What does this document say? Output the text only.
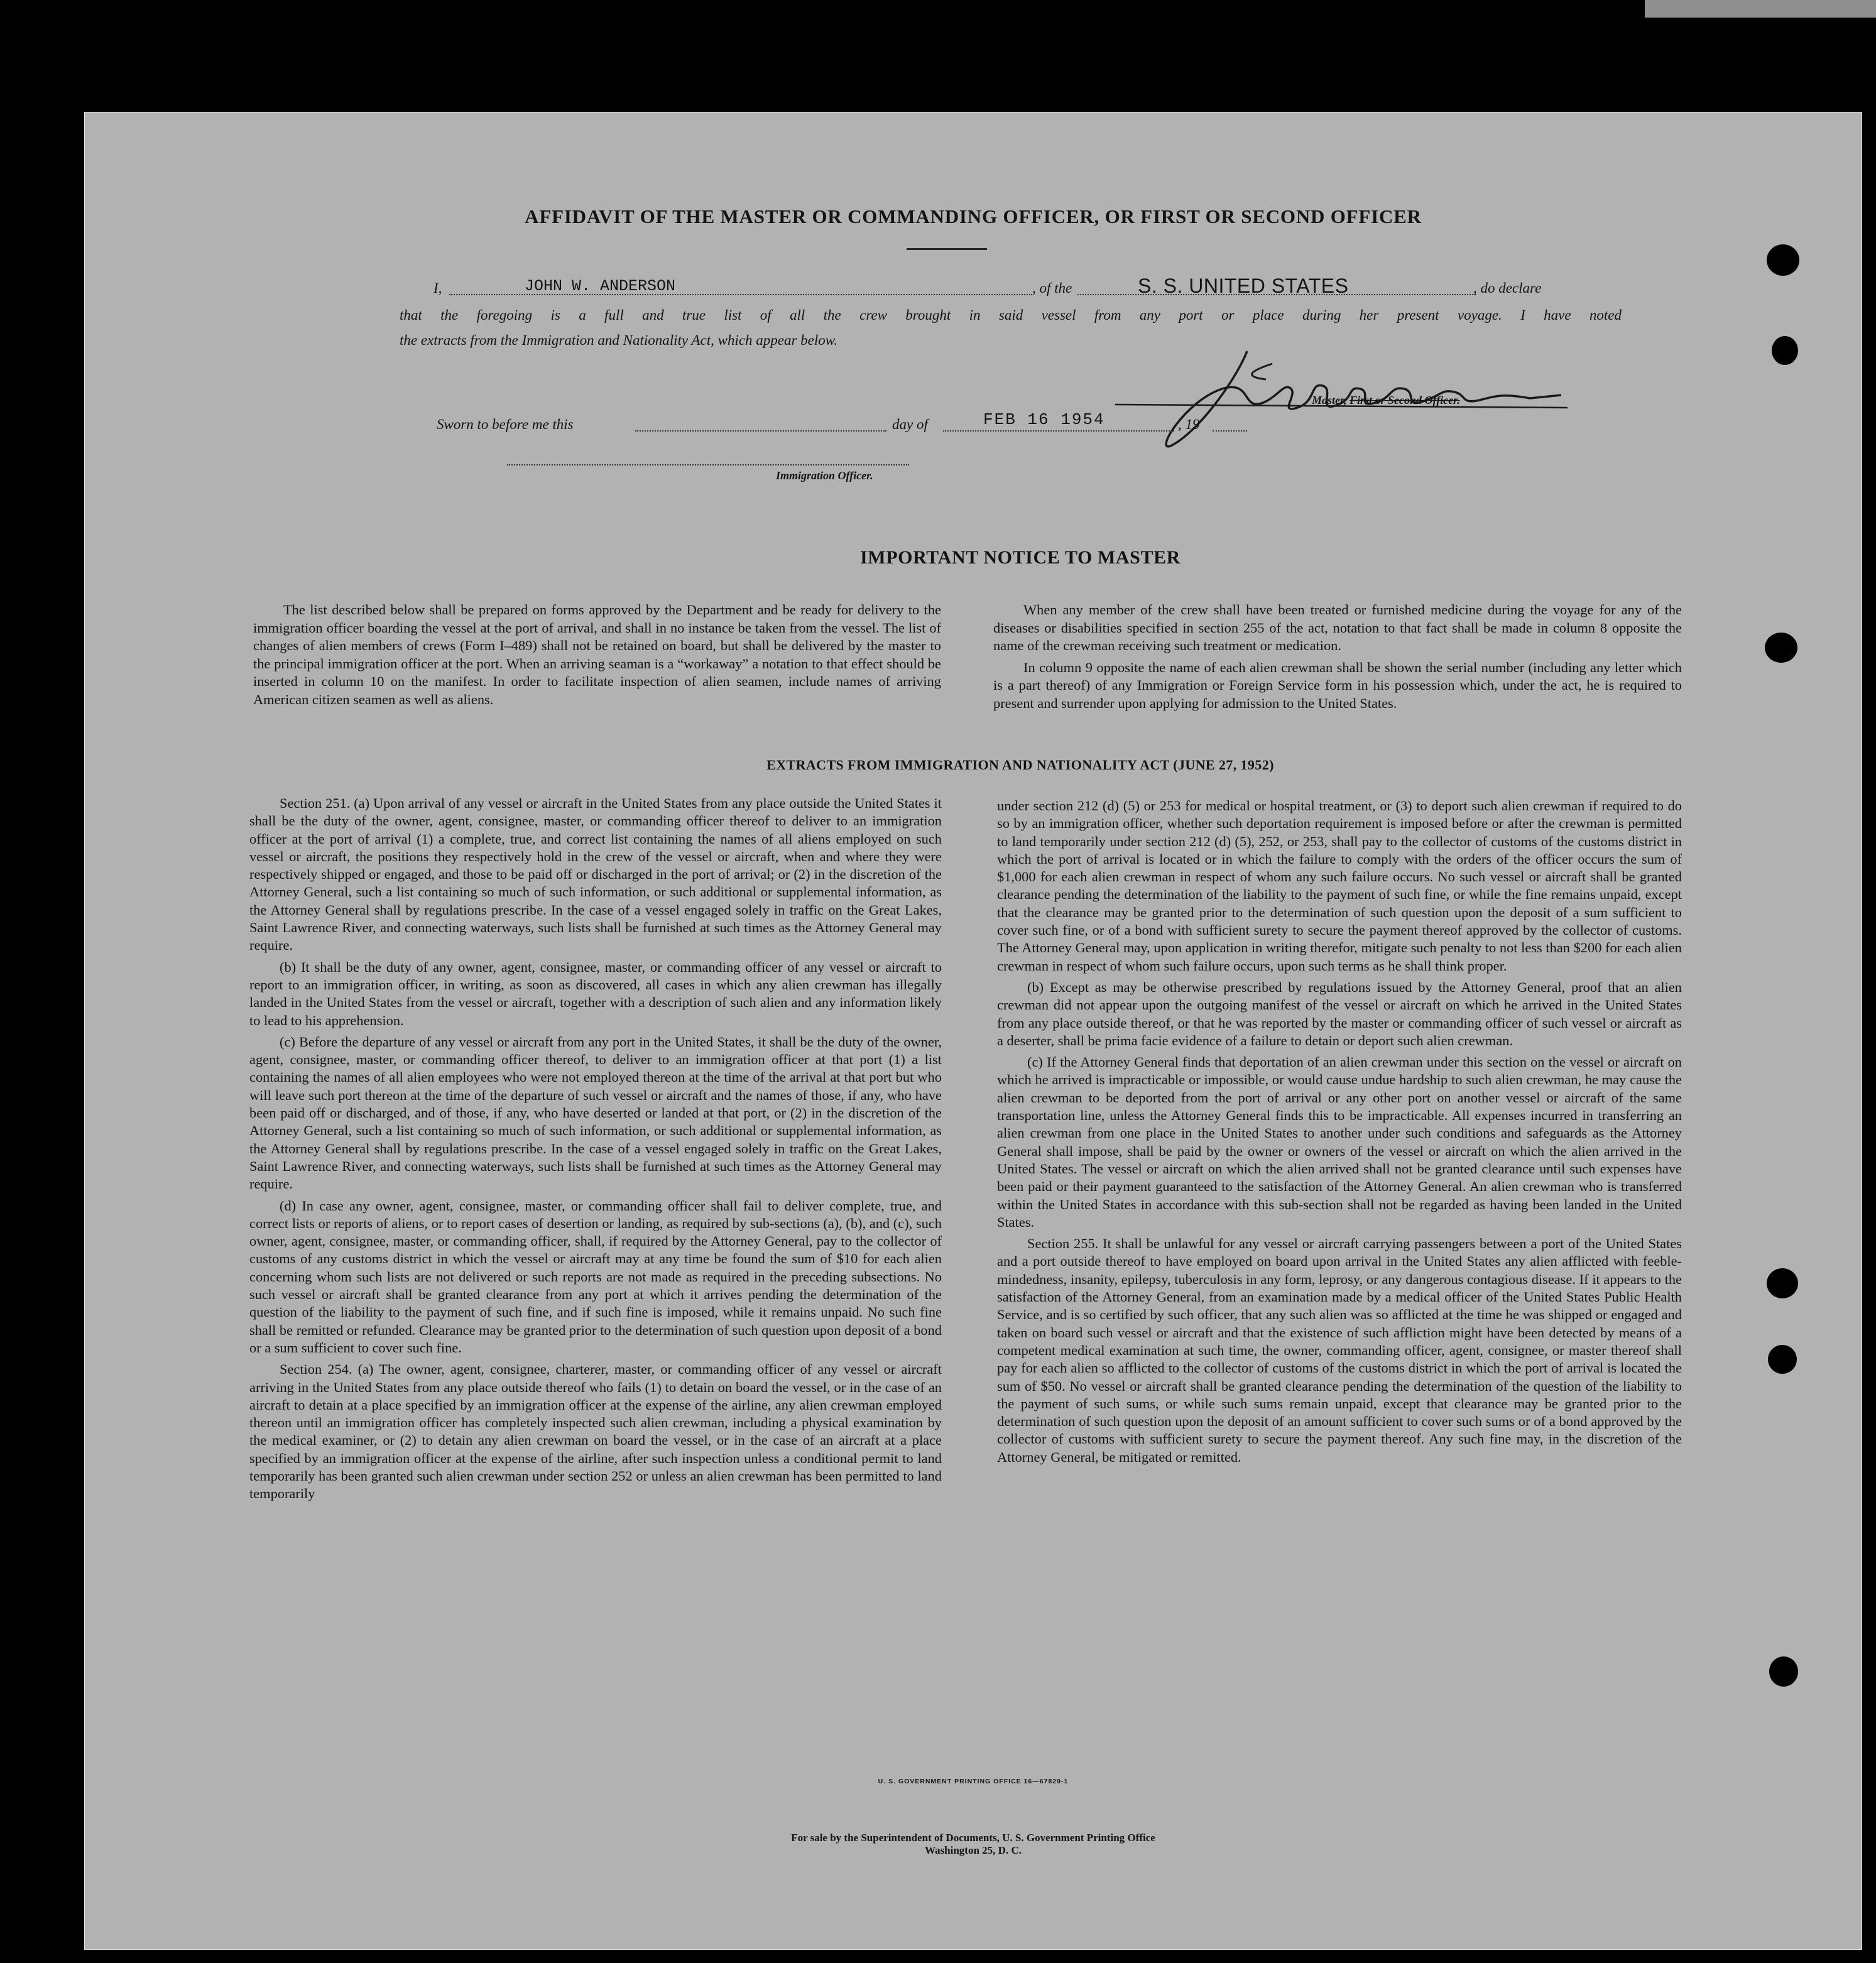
AFFIDAVIT OF THE MASTER OR COMMANDING OFFICER, OR FIRST OR SECOND OFFICER
I,	JOHN W. ANDERSON	, of the	S. S. UNITED STATES	, do declare
that the foregoing is a full and true list of all the crew brought in said vessel from any port or place during her present voyage. I have noted
the extracts from the Immigration and Nationality Act, which appear below.
Master, First or Second Officer.
Sworn to before me this	day of	FEB 16 1954	, 19
Immigration Officer.
IMPORTANT NOTICE TO MASTER

The list described below shall be prepared on forms approved by the Department and be ready for delivery to the immigration officer boarding the vessel at the port of arrival, and shall in no instance be taken from the vessel. The list of changes of alien members of crews (Form I–489) shall not be retained on board, but shall be delivered by the master to the principal immigration officer at the port. When an arriving seaman is a “workaway” a notation to that effect should be inserted in column 10 on the manifest. In order to facilitate inspection of alien seamen, include names of arriving American citizen seamen as well as aliens.

When any member of the crew shall have been treated or furnished medicine during the voyage for any of the diseases or disabilities specified in section 255 of the act, notation to that fact shall be made in column 8 opposite the name of the crewman receiving such treatment or medication.

In column 9 opposite the name of each alien crewman shall be shown the serial number (including any letter which is a part thereof) of any Immigration or Foreign Service form in his possession which, under the act, he is required to present and surrender upon applying for admission to the United States.

EXTRACTS FROM IMMIGRATION AND NATIONALITY ACT (JUNE 27, 1952)

Section 251. (a) Upon arrival of any vessel or aircraft in the United States from any place outside the United States it shall be the duty of the owner, agent, consignee, master, or commanding officer thereof to deliver to an immigration officer at the port of arrival (1) a complete, true, and correct list containing the names of all aliens employed on such vessel or aircraft, the positions they respectively hold in the crew of the vessel or aircraft, when and where they were respectively shipped or engaged, and those to be paid off or discharged in the port of arrival; or (2) in the discretion of the Attorney General, such a list containing so much of such information, or such additional or supplemental information, as the Attorney General shall by regulations prescribe. In the case of a vessel engaged solely in traffic on the Great Lakes, Saint Lawrence River, and connecting waterways, such lists shall be furnished at such times as the Attorney General may require.

(b) It shall be the duty of any owner, agent, consignee, master, or commanding officer of any vessel or aircraft to report to an immigration officer, in writing, as soon as discovered, all cases in which any alien crewman has illegally landed in the United States from the vessel or aircraft, together with a description of such alien and any information likely to lead to his apprehension.

(c) Before the departure of any vessel or aircraft from any port in the United States, it shall be the duty of the owner, agent, consignee, master, or commanding officer thereof, to deliver to an immigration officer at that port (1) a list containing the names of all alien employees who were not employed thereon at the time of the arrival at that port but who will leave such port thereon at the time of the departure of such vessel or aircraft and the names of those, if any, who have been paid off or discharged, and of those, if any, who have deserted or landed at that port, or (2) in the discretion of the Attorney General, such a list containing so much of such information, or such additional or supplemental information, as the Attorney General shall by regulations prescribe. In the case of a vessel engaged solely in traffic on the Great Lakes, Saint Lawrence River, and connecting waterways, such lists shall be furnished at such times as the Attorney General may require.

(d) In case any owner, agent, consignee, master, or commanding officer shall fail to deliver complete, true, and correct lists or reports of aliens, or to report cases of desertion or landing, as required by sub-sections (a), (b), and (c), such owner, agent, consignee, master, or commanding officer, shall, if required by the Attorney General, pay to the collector of customs of any customs district in which the vessel or aircraft may at any time be found the sum of $10 for each alien concerning whom such lists are not delivered or such reports are not made as required in the preceding subsections. No such vessel or aircraft shall be granted clearance from any port at which it arrives pending the determination of the question of the liability to the payment of such fine, and if such fine is imposed, while it remains unpaid. No such fine shall be remitted or refunded. Clearance may be granted prior to the determination of such question upon deposit of a bond or a sum sufficient to cover such fine.

Section 254. (a) The owner, agent, consignee, charterer, master, or commanding officer of any vessel or aircraft arriving in the United States from any place outside thereof who fails (1) to detain on board the vessel, or in the case of an aircraft to detain at a place specified by an immigration officer at the expense of the airline, any alien crewman employed thereon until an immigration officer has completely inspected such alien crewman, including a physical examination by the medical examiner, or (2) to detain any alien crewman on board the vessel, or in the case of an aircraft at a place specified by an immigration officer at the expense of the airline, after such inspection unless a conditional permit to land temporarily has been granted such alien crewman under section 252 or unless an alien crewman has been permitted to land temporarily

under section 212 (d) (5) or 253 for medical or hospital treatment, or (3) to deport such alien crewman if required to do so by an immigration officer, whether such deportation requirement is imposed before or after the crewman is permitted to land temporarily under section 212 (d) (5), 252, or 253, shall pay to the collector of customs of the customs district in which the port of arrival is located or in which the failure to comply with the orders of the officer occurs the sum of $1,000 for each alien crewman in respect of whom any such failure occurs. No such vessel or aircraft shall be granted clearance pending the determination of the liability to the payment of such fine, or while the fine remains unpaid, except that the clearance may be granted prior to the determination of such question upon the deposit of a sum sufficient to cover such fine, or of a bond with sufficient surety to secure the payment thereof approved by the collector of customs. The Attorney General may, upon application in writing therefor, mitigate such penalty to not less than $200 for each alien crewman in respect of whom such failure occurs, upon such terms as he shall think proper.

(b) Except as may be otherwise prescribed by regulations issued by the Attorney General, proof that an alien crewman did not appear upon the outgoing manifest of the vessel or aircraft on which he arrived in the United States from any place outside thereof, or that he was reported by the master or commanding officer of such vessel or aircraft as a deserter, shall be prima facie evidence of a failure to detain or deport such alien crewman.

(c) If the Attorney General finds that deportation of an alien crewman under this section on the vessel or aircraft on which he arrived is impracticable or impossible, or would cause undue hardship to such alien crewman, he may cause the alien crewman to be deported from the port of arrival or any other port on another vessel or aircraft of the same transportation line, unless the Attorney General finds this to be impracticable. All expenses incurred in transferring an alien crewman from one place in the United States to another under such conditions and safeguards as the Attorney General shall impose, shall be paid by the owner or owners of the vessel or aircraft on which the alien arrived in the United States. The vessel or aircraft on which the alien arrived shall not be granted clearance until such expenses have been paid or their payment guaranteed to the satisfaction of the Attorney General. An alien crewman who is transferred within the United States in accordance with this sub-section shall not be regarded as having been landed in the United States.

Section 255. It shall be unlawful for any vessel or aircraft carrying passengers between a port of the United States and a port outside thereof to have employed on board upon arrival in the United States any alien afflicted with feeble-mindedness, insanity, epilepsy, tuberculosis in any form, leprosy, or any dangerous contagious disease. If it appears to the satisfaction of the Attorney General, from an examination made by a medical officer of the United States Public Health Service, and is so certified by such officer, that any such alien was so afflicted at the time he was shipped or engaged and taken on board such vessel or aircraft and that the existence of such affliction might have been detected by means of a competent medical examination at such time, the owner, commanding officer, agent, consignee, or master thereof shall pay for each alien so afflicted to the collector of customs of the customs district in which the port of arrival is located the sum of $50. No vessel or aircraft shall be granted clearance pending the determination of the question of the liability to the payment of such sums, or while such sums remain unpaid, except that clearance may be granted prior to the determination of such question upon the deposit of an amount sufficient to cover such sums or of a bond approved by the collector of customs with sufficient surety to secure the payment thereof. Any such fine may, in the discretion of the Attorney General, be mitigated or remitted.

U. S. GOVERNMENT PRINTING OFFICE 16—67829-1
For sale by the Superintendent of Documents, U. S. Government Printing Office
Washington 25, D. C.
